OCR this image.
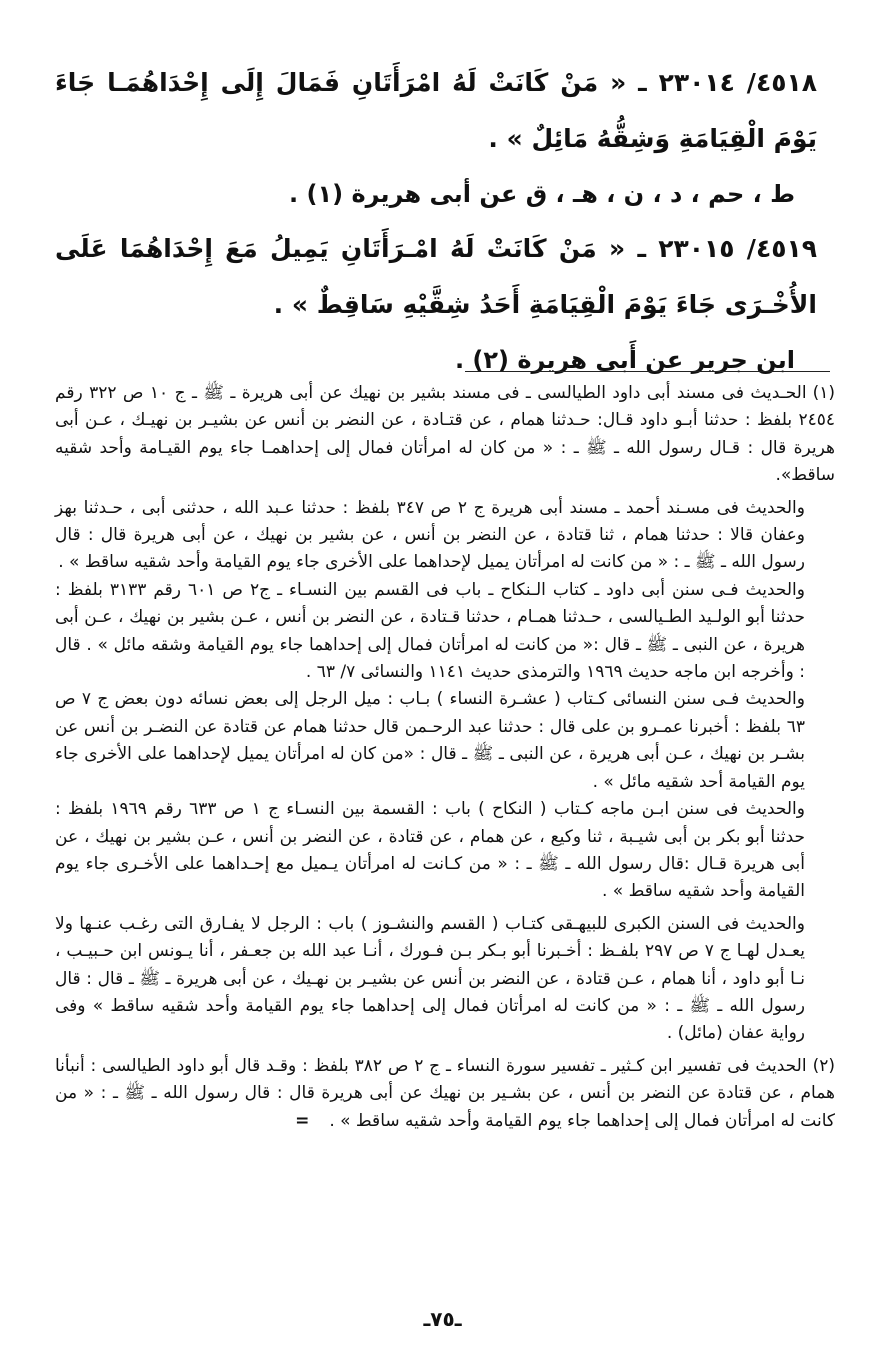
٤٥١٨/ ٢٣٠١٤ ـ « مَنْ كَانَتْ لَهُ امْرَأَتَانِ فَمَالَ إِلَى إِحْدَاهُمَـا جَاءَ يَوْمَ الْقِيَامَةِ وَشِقُّهُ مَائِلٌ » .

ط ، حم ، د ، ن ، هـ ، ق عن أبى هريرة (١) .

٤٥١٩/ ٢٣٠١٥ ـ « مَنْ كَانَتْ لَهُ امْـرَأَتَانِ يَمِيلُ مَعَ إِحْدَاهُمَا عَلَى الأُخْـرَى جَاءَ يَوْمَ الْقِيَامَةِ أَحَدُ شِقَّيْهِ سَاقِطٌ » .

ابن جرير عن أَبى هريرة (٢) .

(١)الحـديث فى مسند أبى داود الطيالسى ـ فى مسند بشير بن نهيك عن أبى هريرة ـ ﷺ ـ ج ١٠ ص ٣٢٢ رقم ٢٤٥٤ بلفظ : حدثنا أبـو داود قـال: حـدثنا همام ، عن قتـادة ، عن النضر بن أنس عن بشيـر بن نهيـك ، عـن أبى هريرة قال : قـال رسول الله ـ ﷺ ـ : « من كان له امرأتان فمال إلى إحداهمـا جاء يوم القيـامة وأحد شقيه ساقط».

والحديث فى مسـند أحمد ـ مسند أبى هريرة ج ٢ ص ٣٤٧ بلفظ : حدثنا عـبد الله ، حدثنى أبى ، حـدثنا بهز وعفان قالا : حدثنا همام ، ثنا قتادة ، عن النضر بن أنس ، عن بشير بن نهيك ، عن أبى هريرة قال : قال رسول الله ـ ﷺ ـ : « من كانت له امرأتان يميل لإحداهما على الأخرى جاء يوم القيامة وأحد شقيه ساقط » .

والحديث فـى سنن أبى داود ـ كتاب الـنكاح ـ باب فى القسم بين النسـاء ـ ج٢ ص ٦٠١ رقم ٣١٣٣ بلفظ : حدثنا أبو الولـيد الطـيالسى ، حـدثنا همـام ، حدثنا قـتادة ، عن النضر بن أنس ، عـن بشير بن نهيك ، عـن أبى هريرة ، عن النبى ـ ﷺ ـ قال :« من كانت له امرأتان فمال إلى إحداهما جاء يوم القيامة وشقه مائل » . قال : وأخرجه ابن ماجه حديث ١٩٦٩ والترمذى حديث ١١٤١ والنسائى ٧/ ٦٣ .

والحديث فـى سنن النسائى كـتاب ( عشـرة النساء ) بـاب : ميل الرجل إلى بعض نسائه دون بعض ج ٧ ص ٦٣ بلفظ : أخبرنا عمـرو بن على قال : حدثنا عبد الرحـمن قال حدثنا همام عن قتادة عن النضـر بن أنس عن بشـر بن نهيك ، عـن أبى هريرة ، عن النبى ـ ﷺ ـ قال : «من كان له امرأتان يميل لإحداهما على الأخرى جاء يوم القيامة أحد شقيه مائل » .

والحديث فى سنن ابـن ماجه كـتاب ( النكاح ) باب : القسمة بين النسـاء ج ١ ص ٦٣٣ رقم ١٩٦٩ بلفظ : حدثنا أبو بكر بن أبى شيـبة ، ثنا وكيع ، عن همام ، عن قتادة ، عن النضر بن أنس ، عـن بشير بن نهيك ، عن أبى هريرة قـال :قال رسول الله ـ ﷺ ـ : « من كـانت له امرأتان يـميل مع إحـداهما على الأخـرى جاء يوم القيامة وأحد شقيه ساقط » .

والحديث فى السنن الكبرى للبيهـقى كتـاب ( القسم والنشـوز ) باب : الرجل لا يفـارق التى رغـب عنـها ولا يعـدل لهـا ج ٧ ص ٢٩٧ بلفـظ : أخـبرنا أبو بـكر بـن فـورك ، أنـا عبد الله بن جعـفر ، أنا يـونس ابن حـبيـب ، نـا أبو داود ، أنا همام ، عـن قتادة ، عن النضر بن أنس عن بشيـر بن نهـيك ، عن أبى هريرة ـ ﷺ ـ قال : قال رسول الله ـ ﷺ ـ : « من كانت له امرأتان فمال إلى إحداهما جاء يوم القيامة وأحد شقيه ساقط » وفى رواية عفان (مائل) .

(٢)الحديث فى تفسير ابن كـثير ـ تفسير سورة النساء ـ ج ٢ ص ٣٨٢ بلفظ : وقـد قال أبو داود الطيالسى : أنبأنا همام ، عن قتادة عن النضر بن أنس ، عن بشـير بن نهيك عن أبى هريرة قال : قال رسول الله ـ ﷺ ـ : « من كانت له امرأتان فمال إلى إحداهما جاء يوم القيامة وأحد شقيه ساقط » .=

ـ٧٥ـ
